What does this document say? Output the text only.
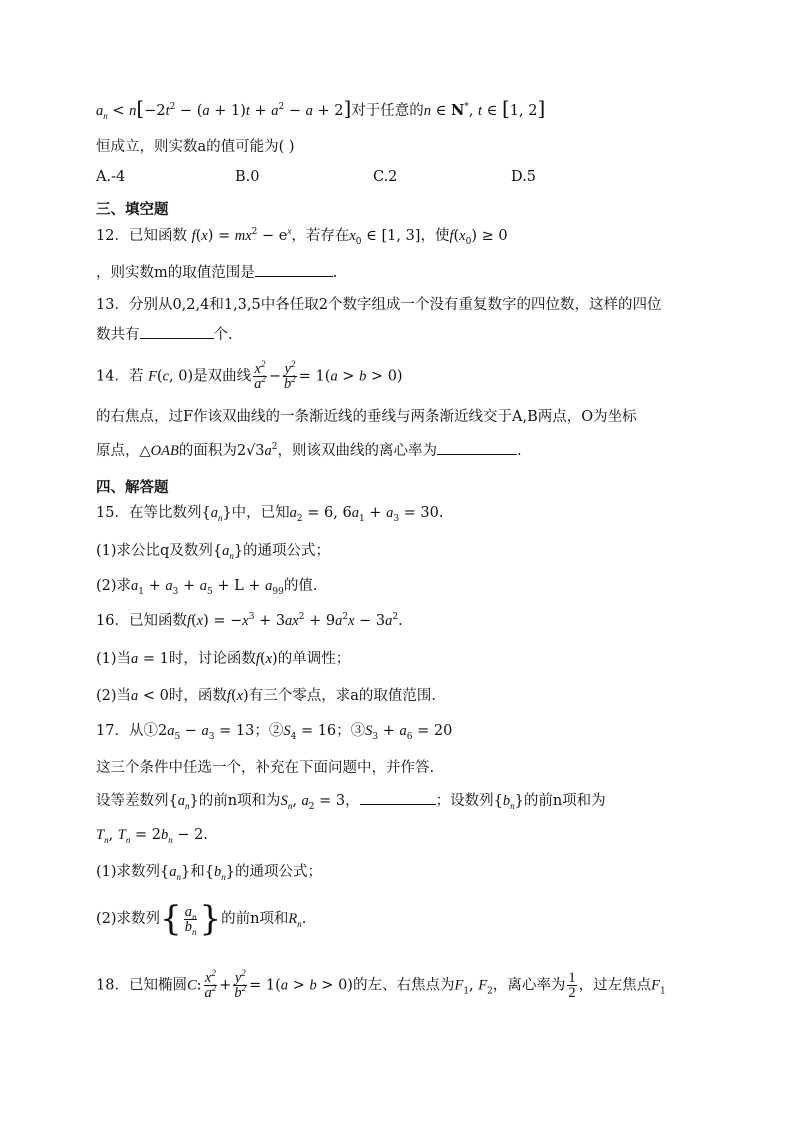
$a_n < n[-2t^2 - (a + 1)t + a^2 - a + 2]$对于任意的n ∈ N*, t ∈ [1, 2]
恒成立，则实数a的值可能为( )
A.-4	B.0	C.2	D.5
三、填空题
12．已知函数 $f(x) = mx^2 - e^x$，若存在$x_0$ ∈ [1, 3]，使$f(x_0) \ge 0$
，则实数m的取值范围是	.
13．分别从0,2,4和1,3,5中各任取2个数字组成一个没有重复数字的四位数，这样的四位
数共有	个.
14．若 F(c, 0)是双曲线 $\frac{x^2}{a^2} - \frac{y^2}{b^2} = 1(a > b > 0)$
的右焦点，过F作该双曲线的一条渐近线的垂线与两条渐近线交于A,B两点，O为坐标
原点，△OAB的面积为$2√3a^2$，则该双曲线的离心率为	.
四、解答题
15．在等比数列$\{a_n\}$中，已知$a_2 = 6$, $6a_1 + a_3 = 30$.
(1)求公比q及数列$\{a_n\}$的通项公式；
(2)求$a_1 + a_3 + a_5 + L + a_{99}$的值.
16．已知函数$f(x) = -x^3 + 3ax^2 + 9a^2x - 3a^2$.
(1)当a = 1时，讨论函数f(x)的单调性；
(2)当a < 0时，函数f(x)有三个零点，求a的取值范围.
17．从$①2a_5 - a_3 = 13$；$②S_4 = 16$；$③S_3 + a_6 = 20$
这三个条件中任选一个，补充在下面问题中，并作答.
设等差数列$\{a_n\}$的前n项和为$S_n$, $a_2 = 3$，	；设数列$\{b_n\}$的前n项和为
$T_n$, $T_n = 2b_n - 2$.
(1)求数列$\{a_n\}$和$\{b_n\}$的通项公式；
(2)求数列{ $\frac{a_n}{b_n}$ }的前n项和$R_n$.
18．已知椭圆C: $\frac{x^2}{a^2} + \frac{y^2}{b^2} = 1(a > b > 0)$的左、右焦点为$F_1$, $F_2$，离心率为 $\frac{1}{2}$ ，过左焦点$F_1$
